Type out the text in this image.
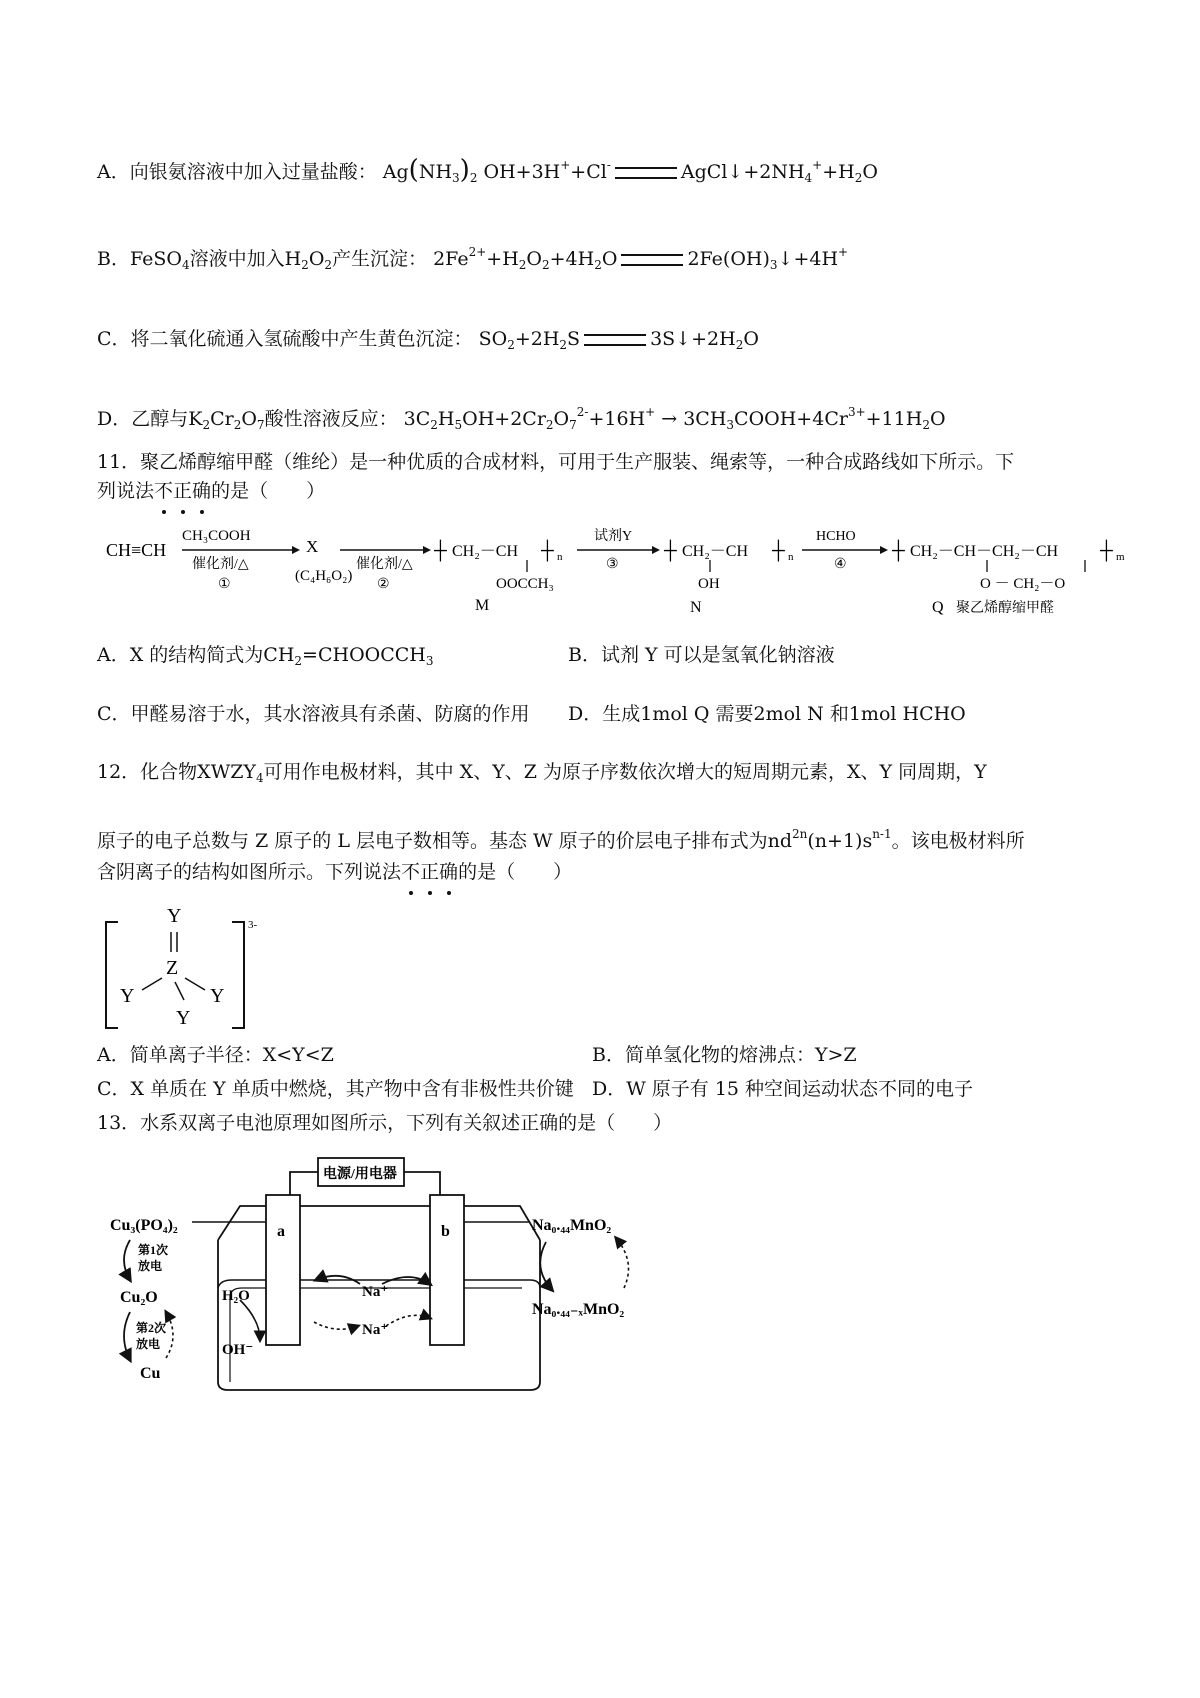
A．向银氨溶液中加入过量盐酸： $Ag(NH_3)_2$ OH+3H++Cl-	$AgCl↓+2NH_4^++H_2O$
B．FeSO$_4$溶液中加入$H_2O_2$产生沉淀： $2Fe^{2+}+H_2O_2+4H_2O$	$2Fe(OH)_3↓+4H^+$
C．将二氧化硫通入氢硫酸中产生黄色沉淀： $SO_2+2H_2S$	$3S↓+2H_2O$
D．乙醇与$K_2Cr_2O_7$酸性溶液反应： $3C_2H_5OH+2Cr_2O_7^{2-}+16H^+$ → $3CH_3COOH+4Cr^{3+}+11H_2O$
11．聚乙烯醇缩甲醛（维纶）是一种优质的合成材料，可用于生产服装、绳索等，一种合成路线如下所示。下
列说法不正确的是（　　）
CH≡CH
CH₃COOH
催化剂/△
①
X
(C₄H₆O₂)
催化剂/△
②
┼ CH₂－CH ┼ n
OOCCH₃
M
试剂Y
③
┼ CH₂－CH ┼ n
OH
N
HCHO
④
┼ CH₂－CH－CH₂－CH ┼ m
O － CH₂－O
Q 聚乙烯醇缩甲醛
A．X 的结构简式为$CH_2=CHOOCCH_3$	B．试剂 Y 可以是氢氧化钠溶液
C．甲醛易溶于水，其水溶液具有杀菌、防腐的作用 D．生成1mol Q 需要2mol N 和1mol HCHO
12．化合物$XWZY_4$可用作电极材料，其中 X、Y、Z 为原子序数依次增大的短周期元素，X、Y 同周期，Y
原子的电子总数与 Z 原子的 L 层电子数相等。基态 W 原子的价层电子排布式为$nd^{2n}(n+1)s^{n-1}$。该电极材料所
含阴离子的结构如图所示。下列说法不正确的是（　　）
3-
Y
Z
Y	Y
Y
A．简单离子半径：X<Y<Z	B．简单氢化物的熔沸点：Y>Z
C．X 单质在 Y 单质中燃烧，其产物中含有非极性共价键 D．W 原子有 15 种空间运动状态不同的电子
13．水系双离子电池原理如图所示，下列有关叙述正确的是（　　）
电源/用电器
a	b
Cu₃(PO₄)₂
第1次
放电
Cu₂O
第2次
放电
Cu
H₂O
OH⁻
Na⁺
Na⁺
Na₀.₄₄MnO₂
Na₀.₄₄₋ₓMnO₂
